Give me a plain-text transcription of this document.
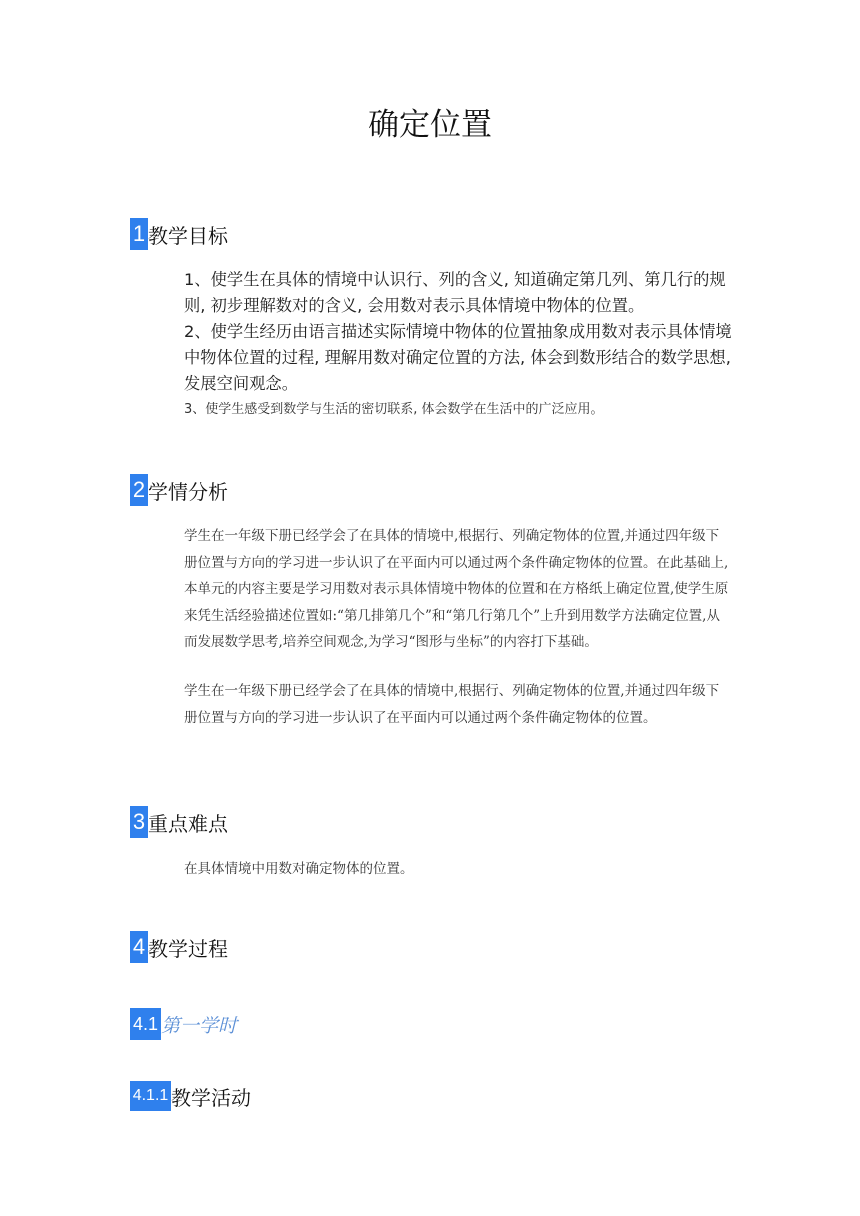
确定位置
1 教学目标

1、使学生在具体的情境中认识行、列的含义, 知道确定第几列、第几行的规则, 初步理解数对的含义, 会用数对表示具体情境中物体的位置。

2、使学生经历由语言描述实际情境中物体的位置抽象成用数对表示具体情境中物体位置的过程, 理解用数对确定位置的方法, 体会到数形结合的数学思想, 发展空间观念。

3、使学生感受到数学与生活的密切联系, 体会数学在生活中的广泛应用。

2 学情分析

学生在一年级下册已经学会了在具体的情境中,根据行、列确定物体的位置,并通过四年级下册位置与方向的学习进一步认识了在平面内可以通过两个条件确定物体的位置。在此基础上,本单元的内容主要是学习用数对表示具体情境中物体的位置和在方格纸上确定位置,使学生原来凭生活经验描述位置如:“第几排第几个”和“第几行第几个”上升到用数学方法确定位置,从而发展数学思考,培养空间观念,为学习“图形与坐标”的内容打下基础。

学生在一年级下册已经学会了在具体的情境中,根据行、列确定物体的位置,并通过四年级下册位置与方向的学习进一步认识了在平面内可以通过两个条件确定物体的位置。

3 重点难点

在具体情境中用数对确定物体的位置。

4 教学过程
4.1 第一学时
4.1.1 教学活动
